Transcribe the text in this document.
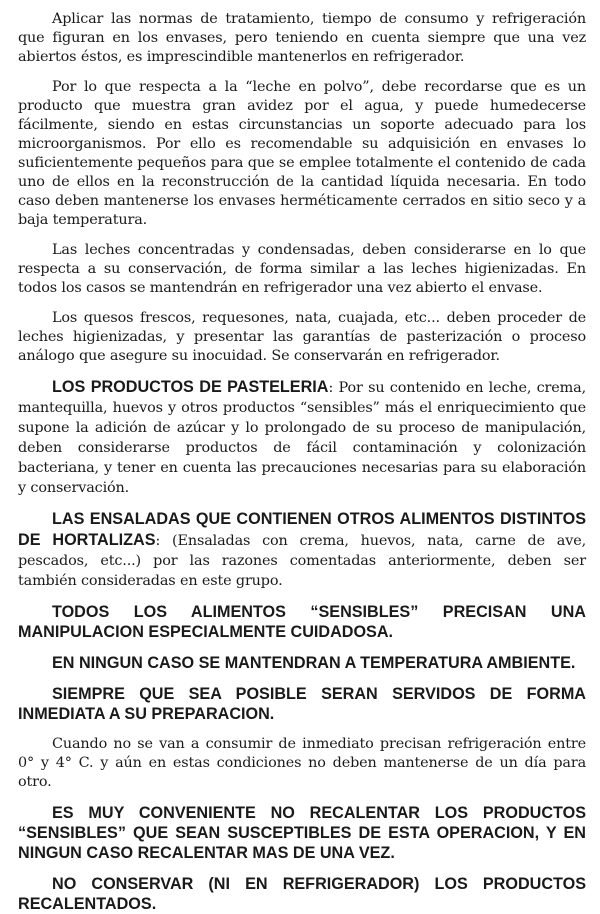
Aplicar las normas de tratamiento, tiempo de consumo y refrigeración que figuran en los envases, pero teniendo en cuenta siempre que una vez abiertos éstos, es imprescindible mantenerlos en refrigerador.

Por lo que respecta a la “leche en polvo”, debe recordarse que es un producto que muestra gran avidez por el agua, y puede humedecerse fácilmente, siendo en estas circunstancias un soporte adecuado para los microorganismos. Por ello es recomendable su adquisición en envases lo suficientemente pequeños para que se emplee totalmente el contenido de cada uno de ellos en la reconstrucción de la cantidad líquida necesaria. En todo caso deben mantenerse los envases herméticamente cerrados en sitio seco y a baja temperatura.

Las leches concentradas y condensadas, deben considerarse en lo que respecta a su conservación, de forma similar a las leches higienizadas. En todos los casos se mantendrán en refrigerador una vez abierto el envase.

Los quesos frescos, requesones, nata, cuajada, etc... deben proceder de leches higienizadas, y presentar las garantías de pasterización o proceso análogo que asegure su inocuidad. Se conservarán en refrigerador.

LOS PRODUCTOS DE PASTELERIA: Por su contenido en leche, crema, mantequilla, huevos y otros productos “sensibles” más el enriquecimiento que supone la adición de azúcar y lo prolongado de su proceso de manipulación, deben considerarse productos de fácil contaminación y colonización bacteriana, y tener en cuenta las precauciones necesarias para su elaboración y conservación.

LAS ENSALADAS QUE CONTIENEN OTROS ALIMENTOS DISTINTOS DE HORTALIZAS: (Ensaladas con crema, huevos, nata, carne de ave, pescados, etc...) por las razones comentadas anteriormente, deben ser también consideradas en este grupo.

TODOS LOS ALIMENTOS “SENSIBLES” PRECISAN UNA MANIPULACION ESPECIALMENTE CUIDADOSA.

EN NINGUN CASO SE MANTENDRAN A TEMPERATURA AMBIENTE.

SIEMPRE QUE SEA POSIBLE SERAN SERVIDOS DE FORMA INMEDIATA A SU PREPARACION.

Cuando no se van a consumir de inmediato precisan refrigeración entre 0° y 4° C. y aún en estas condiciones no deben mantenerse de un día para otro.

ES MUY CONVENIENTE NO RECALENTAR LOS PRODUCTOS “SENSIBLES” QUE SEAN SUSCEPTIBLES DE ESTA OPERACION, Y EN NINGUN CASO RECALENTAR MAS DE UNA VEZ.

NO CONSERVAR (NI EN REFRIGERADOR) LOS PRODUCTOS RECALENTADOS.
